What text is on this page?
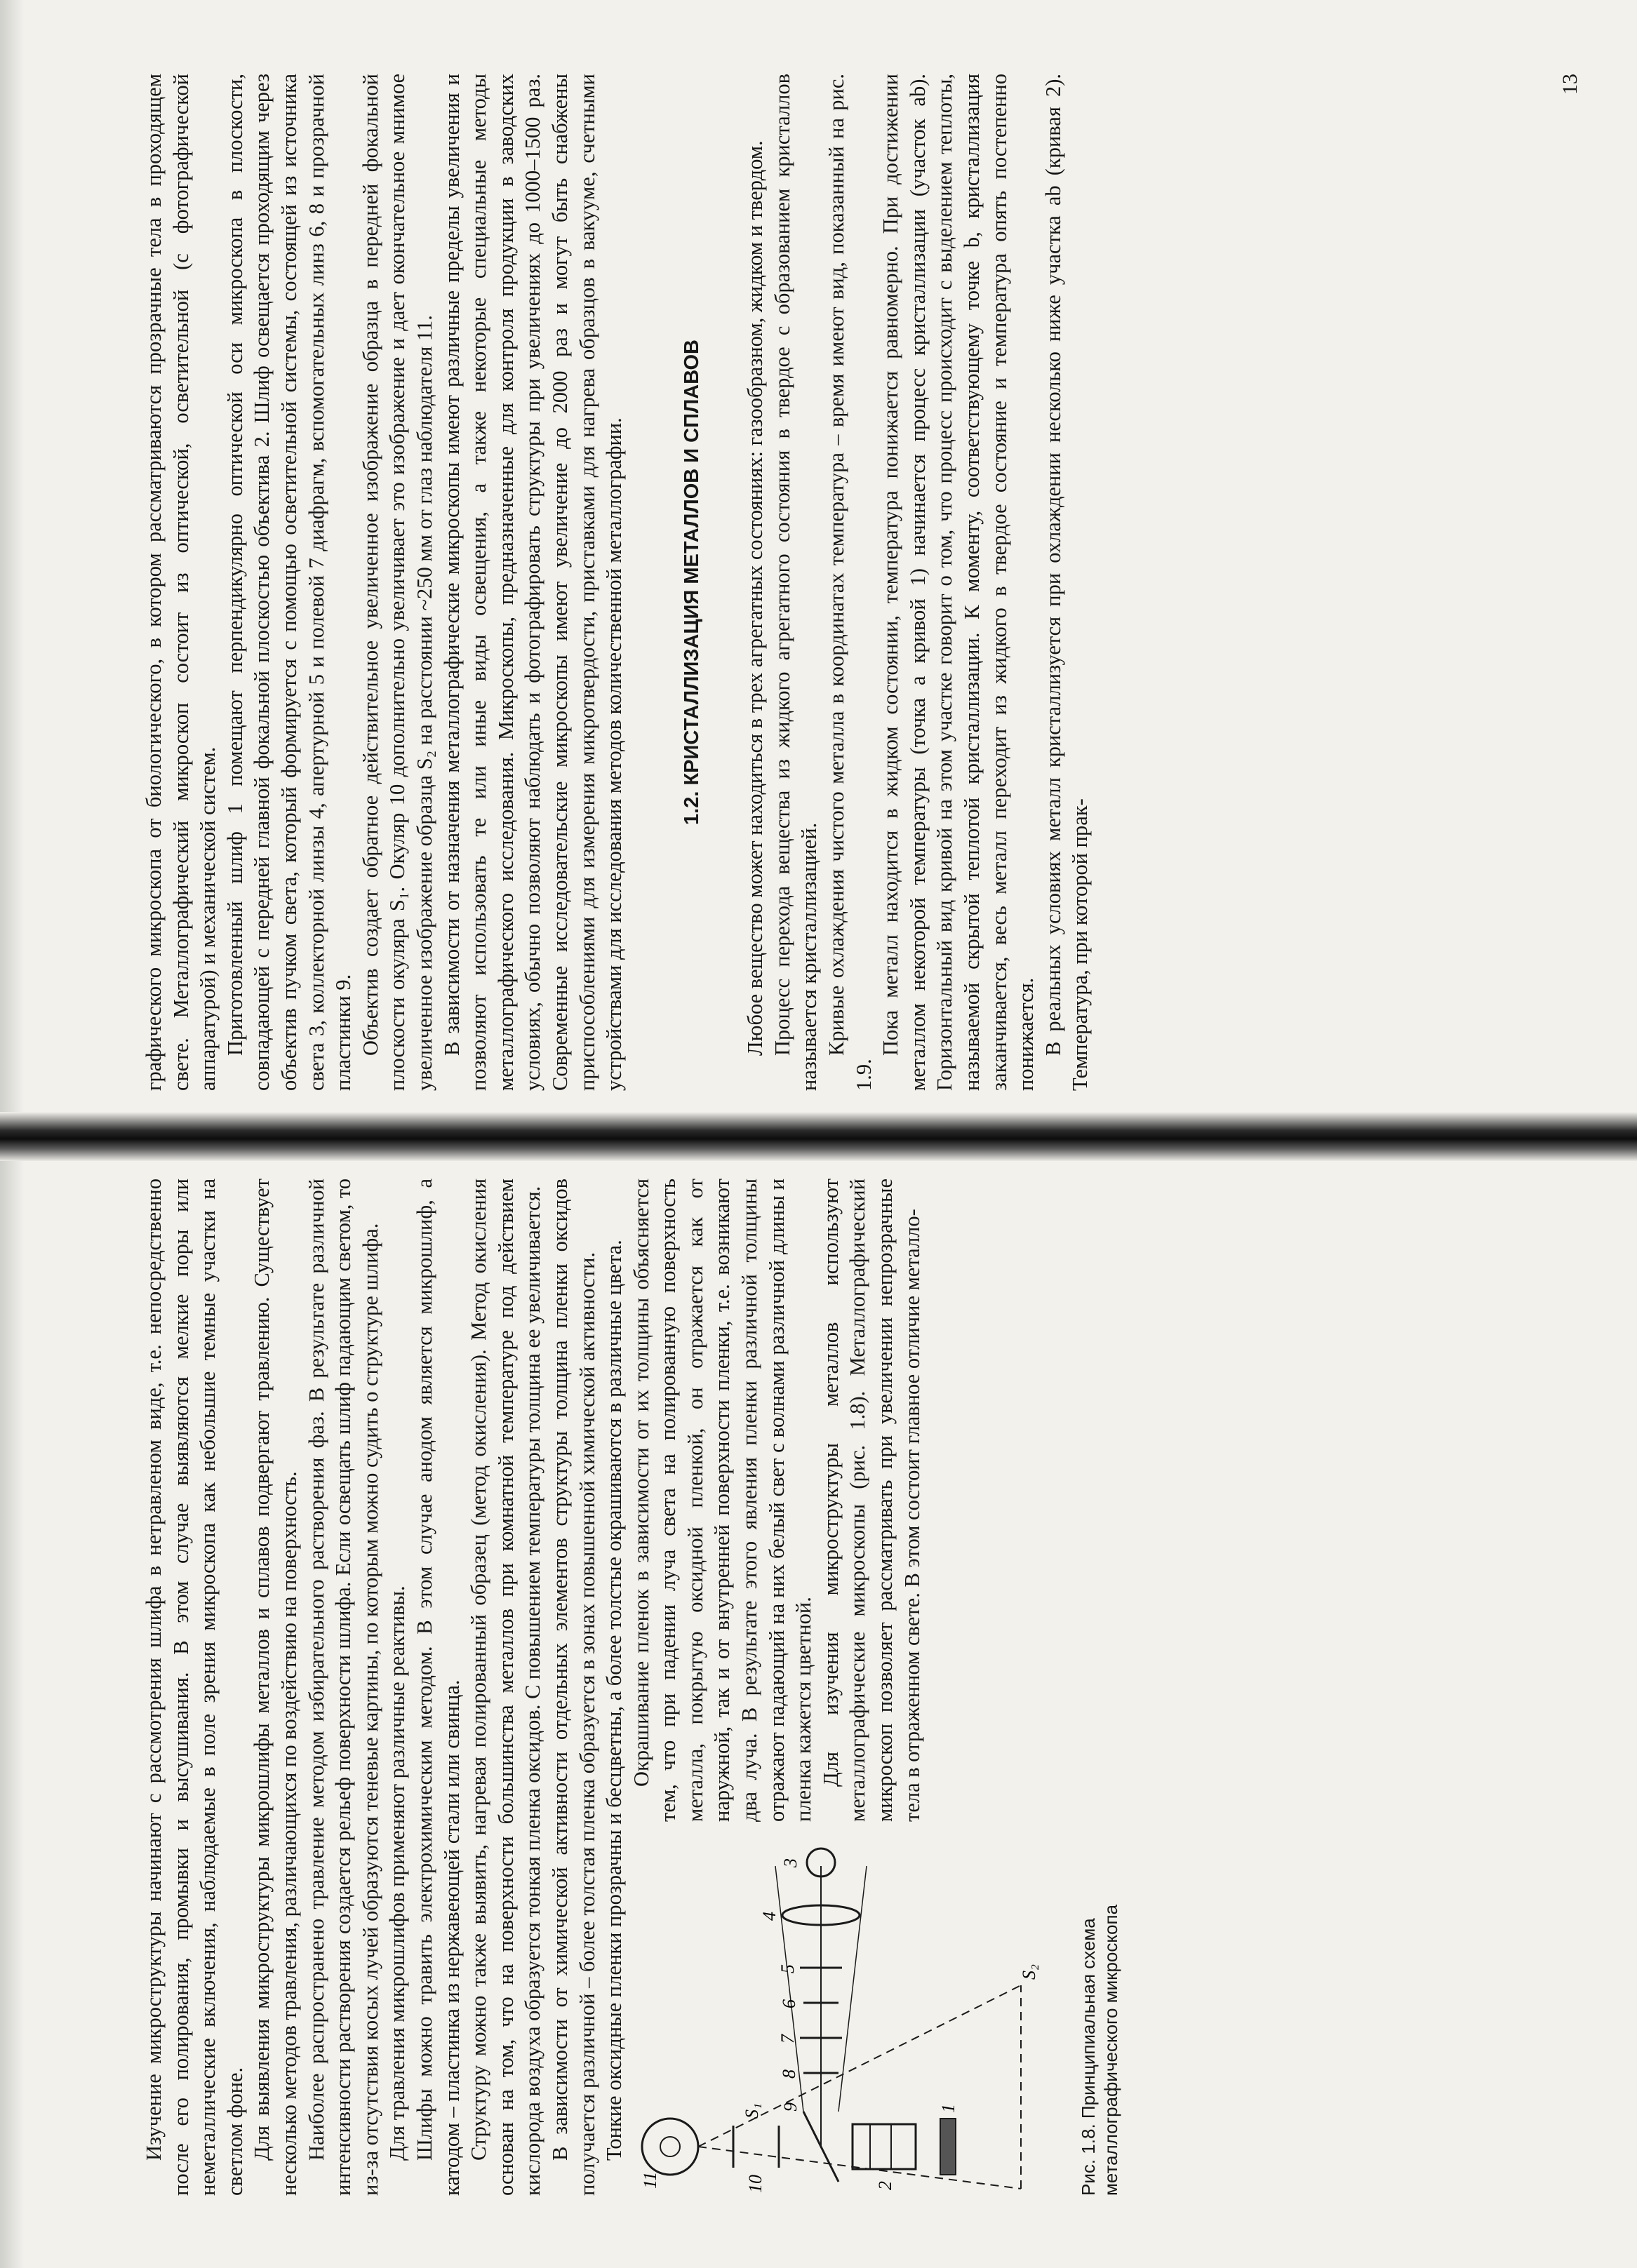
графического микроскопа от биологического, в котором рассматриваются прозрачные тела в проходящем свете. Металлографический микроскоп состоит из оптической, осветительной (с фотографической аппаратурой) и механической систем. Приготовленный шлиф 1 помещают перпендикулярно оптической оси микроскопа в плоскости, совпадающей с передней главной фокальной плоскостью объектива 2. Шлиф освещается проходящим через объектив пучком света, который формируется с помощью осветительной системы, состоящей из источника света 3, коллекторной линзы 4, апертурной 5 и полевой 7 диафрагм, вспомогательных линз 6, 8 и прозрачной пластинки 9. Объектив создает обратное действительное увеличенное изображение образца в передней фокальной плоскости окуляра S₁. Окуляр 10 дополнительно увеличивает это изображение и дает окончательное мнимое увеличенное изображение образца S₂ на расстоянии ~250 мм от глаз наблюдателя 11. В зависимости от назначения металлографические микроскопы имеют различные пределы увеличения и позволяют использовать те или иные виды освещения, а также некоторые специальные методы металлографического исследования. Микроскопы, предназначенные для контроля продукции в заводских условиях, обычно позволяют наблюдать и фотографировать структуры при увеличениях до 1000–1500 раз. Современные исследовательские микроскопы имеют увеличение до 2000 раз и могут быть снабжены приспособлениями для измерения микротвердости, приставками для нагрева образцов в вакууме, счетными устройствами для исследования методов количественной металлографии.	1.2. КРИСТАЛЛИЗАЦИЯ МЕТАЛЛОВ И СПЛАВОВ Любое вещество может находиться в трех агрегатных состояниях: газообразном, жидком и твердом. Процесс перехода вещества из жидкого агрегатного состояния в твердое с образованием кристаллов называется кристаллизацией. Кривые охлаждения чистого металла в координатах температура – время имеют вид, показанный на рис. 1.9.

Пока металл находится в жидком состоянии, температура понижается равномерно. При достижении металлом некоторой температуры (точка a кривой 1) начинается процесс кристаллизации (участок ab). Горизонтальный вид кривой на этом участке говорит о том, что процесс происходит с выделением теплоты, называемой скрытой теплотой кристаллизации. К моменту, соответствующему точке b, кристаллизация заканчивается, весь металл переходит из жидкого в твердое состояние и температура опять постепенно понижается. В реальных условиях металл кристаллизуется при охлаждении несколько ниже участка ab (кривая 2). Температура, при которой прак-

13

Изучение микроструктуры начинают с рассмотрения шлифа в нетравленом виде, т.е. непосредственно после его полирования, промывки и высушивания. В этом случае выявляются мелкие поры или неметаллические включения, наблюдаемые в поле зрения микроскопа как небольшие темные участки на светлом фоне. Для выявления микроструктуры микрошлифы металлов и сплавов подвергают травлению. Существует несколько методов травления, различающихся по воздействию на поверхность. Наиболее распространено травление методом избирательного растворения фаз. В результате различной интенсивности растворения создается рельеф поверхности шлифа. Если освещать шлиф падающим светом, то из-за отсутствия косых лучей образуются теневые картины, по которым можно судить о структуре шлифа. Для травления микрошлифов применяют различные реактивы. Шлифы можно травить электрохимическим методом. В этом случае анодом является микрошлиф, а катодом – пластинка из нержавеющей стали или свинца. Структуру можно также выявить, нагревая полированный образец (метод окисления). Метод окисления основан на том, что на поверхности большинства металлов при комнатной температуре под действием кислорода воздуха образуется тонкая пленка оксидов. С повышением температуры толщина ее увеличивается. В зависимости от химической активности отдельных элементов структуры толщина пленки оксидов получается различной – более толстая пленка образуется в зонах повышенной химической активности. Тонкие оксидные пленки прозрачны и бесцветны, а более толстые окрашиваются в различные цвета.

11	10	2
1
9
8
7
6
5
4
3
S₁
S₂
Рис. 1.8. Принципиальная схема металлографического микроскопа

Окрашивание пленок в зависимости от их толщины объясняется тем, что при падении луча света на полированную поверхность металла, покрытую оксидной пленкой, он отражается как от наружной, так и от внутренней поверхности пленки, т.е. возникают два луча. В результате этого явления пленки различной толщины отражают падающий на них белый свет с волнами различной длины и пленка кажется цветной. Для изучения микроструктуры металлов используют металлографические микроскопы (рис. 1.8). Металлографический микроскоп позволяет рассматривать при увеличении непрозрачные тела в отраженном свете. В этом состоит главное отличие металло-
